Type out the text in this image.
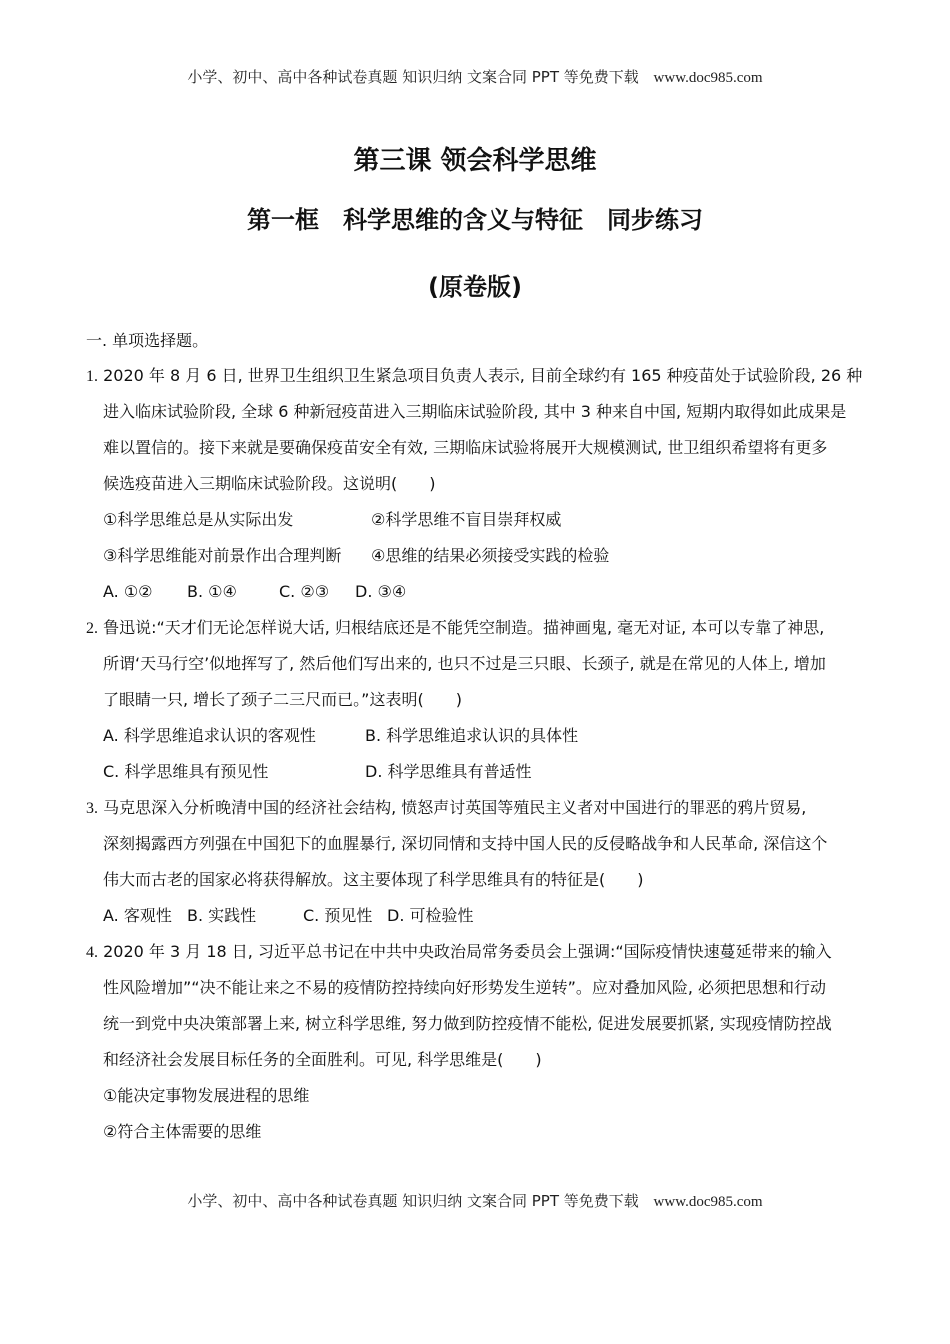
小学、初中、高中各种试卷真题 知识归纳 文案合同 PPT 等免费下载 www.doc985.com
第三课 领会科学思维
第一框　科学思维的含义与特征　同步练习
(原卷版)
一. 单项选择题。
1. 2020 年 8 月 6 日, 世界卫生组织卫生紧急项目负责人表示, 目前全球约有 165 种疫苗处于试验阶段, 26 种
进入临床试验阶段, 全球 6 种新冠疫苗进入三期临床试验阶段, 其中 3 种来自中国, 短期内取得如此成果是
难以置信的。接下来就是要确保疫苗安全有效, 三期临床试验将展开大规模测试, 世卫组织希望将有更多
候选疫苗进入三期临床试验阶段。这说明(　　)
①科学思维总是从实际出发	②科学思维不盲目崇拜权威
③科学思维能对前景作出合理判断 ④思维的结果必须接受实践的检验
A. ①② B. ①④	C. ②③ D. ③④
2. 鲁迅说:“天才们无论怎样说大话, 归根结底还是不能凭空制造。描神画鬼, 毫无对证, 本可以专靠了神思,
所谓‘天马行空’似地挥写了, 然后他们写出来的, 也只不过是三只眼、长颈子, 就是在常见的人体上, 增加
了眼睛一只, 增长了颈子二三尺而已。”这表明(　　)
A. 科学思维追求认识的客观性	B. 科学思维追求认识的具体性
C. 科学思维具有预见性	D. 科学思维具有普适性
3. 马克思深入分析晚清中国的经济社会结构, 愤怒声讨英国等殖民主义者对中国进行的罪恶的鸦片贸易,
深刻揭露西方列强在中国犯下的血腥暴行, 深切同情和支持中国人民的反侵略战争和人民革命, 深信这个
伟大而古老的国家必将获得解放。这主要体现了科学思维具有的特征是(　　)
A. 客观性 B. 实践性	C. 预见性 D. 可检验性
4. 2020 年 3 月 18 日, 习近平总书记在中共中央政治局常务委员会上强调:“国际疫情快速蔓延带来的输入
性风险增加”“决不能让来之不易的疫情防控持续向好形势发生逆转”。应对叠加风险, 必须把思想和行动
统一到党中央决策部署上来, 树立科学思维, 努力做到防控疫情不能松, 促进发展要抓紧, 实现疫情防控战
和经济社会发展目标任务的全面胜利。可见, 科学思维是(　　)
①能决定事物发展进程的思维
②符合主体需要的思维
小学、初中、高中各种试卷真题 知识归纳 文案合同 PPT 等免费下载 www.doc985.com
